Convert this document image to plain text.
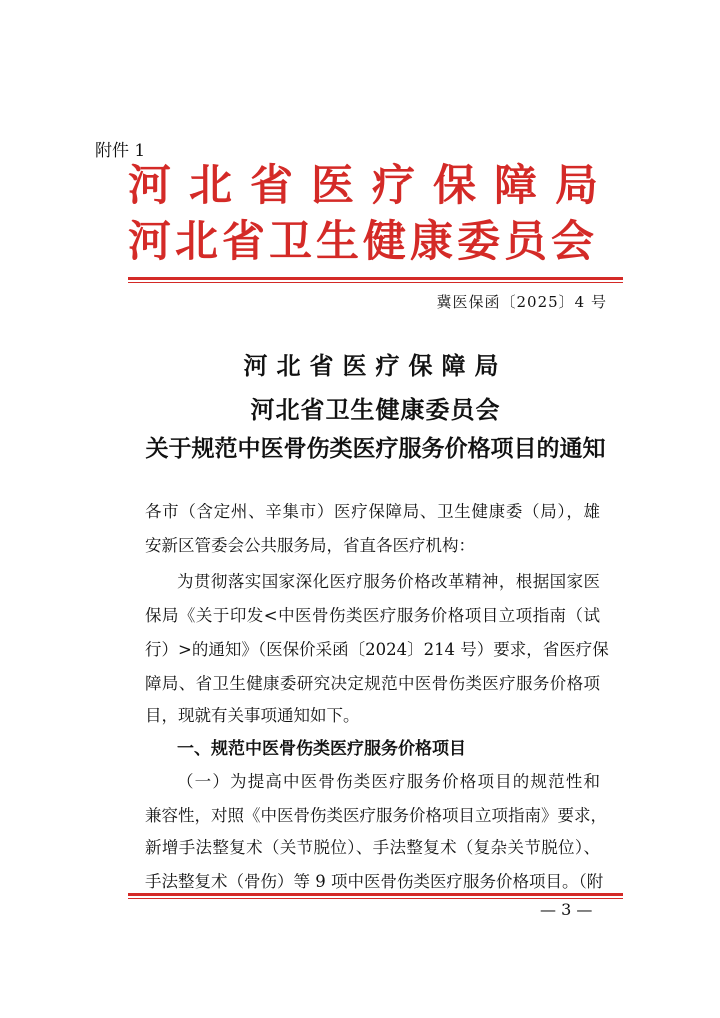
附件 1
河北省医疗保障局
河北省卫生健康委员会
冀医保函〔2025〕4 号
河北省医疗保障局
河北省卫生健康委员会
关于规范中医骨伤类医疗服务价格项目的通知
各市（含定州、辛集市）医疗保障局、卫生健康委（局），雄
安新区管委会公共服务局，省直各医疗机构：
为贯彻落实国家深化医疗服务价格改革精神，根据国家医
保局《关于印发<中医骨伤类医疗服务价格项目立项指南（试
行）>的通知》（医保价采函〔2024〕214 号）要求，省医疗保
障局、省卫生健康委研究决定规范中医骨伤类医疗服务价格项
目，现就有关事项通知如下。
一、规范中医骨伤类医疗服务价格项目
（一）为提高中医骨伤类医疗服务价格项目的规范性和
兼容性，对照《中医骨伤类医疗服务价格项目立项指南》要求，
新增手法整复术（关节脱位）、手法整复术（复杂关节脱位）、
手法整复术（骨伤）等 9 项中医骨伤类医疗服务价格项目。（附
— 3 —
